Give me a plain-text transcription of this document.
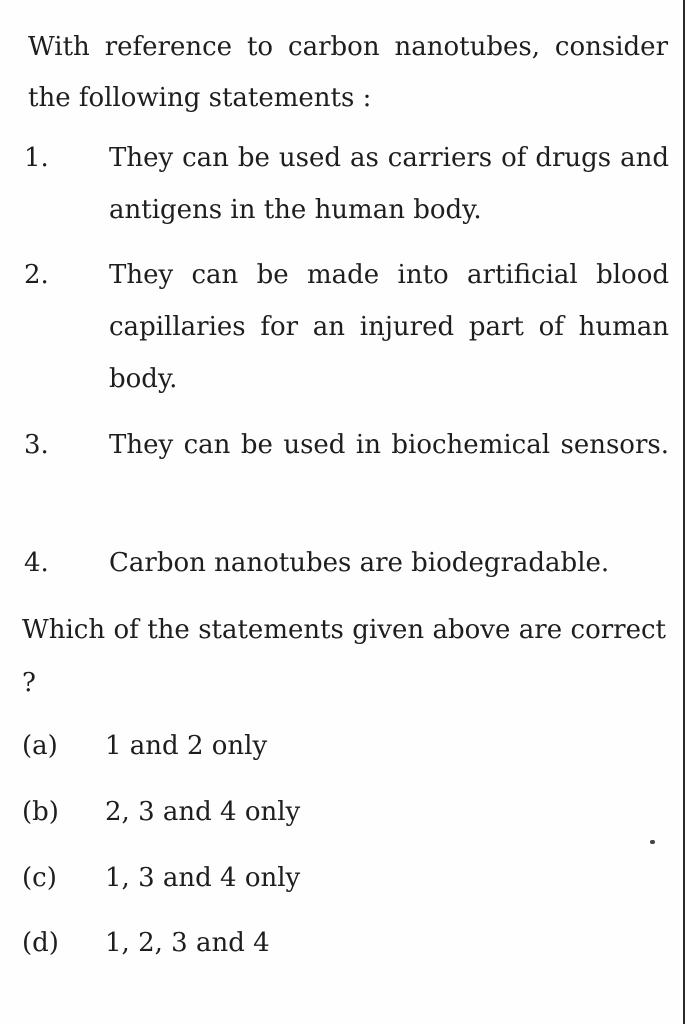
With reference to carbon nanotubes, consider the following statements :
1. They can be used as carriers of drugs and antigens in the human body.
2. They can be made into artificial blood capillaries for an injured part of human body.
3. They can be used in biochemical sensors.
4. Carbon nanotubes are biodegradable.
Which of the statements given above are correct ?
(a) 1 and 2 only
(b) 2, 3 and 4 only
(c) 1, 3 and 4 only
(d) 1, 2, 3 and 4
